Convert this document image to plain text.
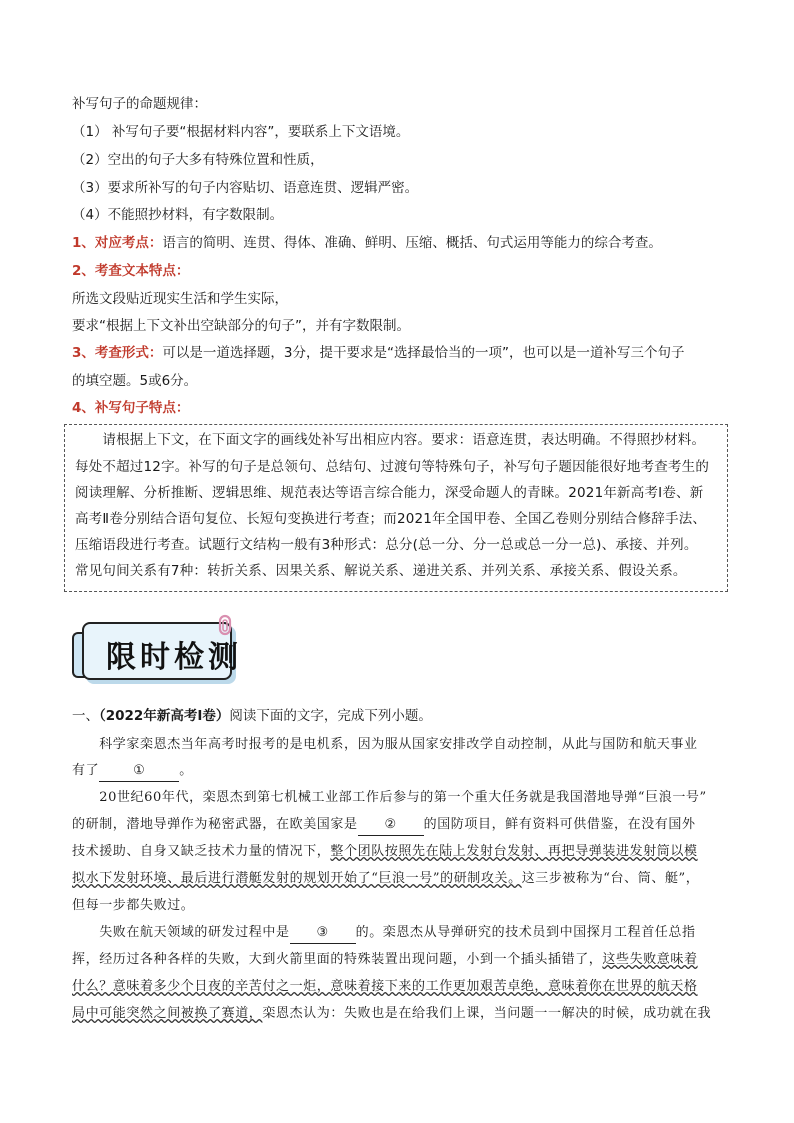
补写句子的命题规律：
（1） 补写句子要“根据材料内容”，要联系上下文语境。
（2）空出的句子大多有特殊位置和性质，
（3）要求所补写的句子内容贴切、语意连贯、逻辑严密。
（4）不能照抄材料，有字数限制。
1、对应考点：语言的简明、连贯、得体、准确、鲜明、压缩、概括、句式运用等能力的综合考查。
2、考查文本特点：
所选文段贴近现实生活和学生实际，
要求“根据上下文补出空缺部分的句子”，并有字数限制。
3、考查形式：可以是一道选择题，3分，提干要求是“选择最恰当的一项”，也可以是一道补写三个句子
的填空题。5或6分。
4、补写句子特点：
　　请根据上下文，在下面文字的画线处补写出相应内容。要求：语意连贯，表达明确。不得照抄材料。
每处不超过12字。补写的句子是总领句、总结句、过渡句等特殊句子，补写句子题因能很好地考查考生的
阅读理解、分析推断、逻辑思维、规范表达等语言综合能力，深受命题人的青睐。2021年新高考Ⅰ卷、新
高考Ⅱ卷分别结合语句复位、长短句变换进行考查；而2021年全国甲卷、全国乙卷则分别结合修辞手法、
压缩语段进行考查。试题行文结构一般有3种形式：总分(总一分、分一总或总一分一总)、承接、并列。
常见句间关系有7种：转折关系、因果关系、解说关系、递进关系、并列关系、承接关系、假设关系。
限时检测
一、（2022年新高考Ⅰ卷）阅读下面的文字，完成下列小题。
　　科学家栾恩杰当年高考时报考的是电机系，因为服从国家安排改学自动控制，从此与国防和航天事业
有了	①	。
　　20世纪60年代，栾恩杰到第七机械工业部工作后参与的第一个重大任务就是我国潜地导弹“巨浪一号”
的研制，潜地导弹作为秘密武器，在欧美国家是 ② 的国防项目，鲜有资料可供借鉴，在没有国外
技术援助、自身又缺乏技术力量的情况下，整个团队按照先在陆上发射台发射、再把导弹装进发射筒以模
拟水下发射环境、最后进行潜艇发射的规划开始了“巨浪一号”的研制攻关。这三步被称为“台、筒、艇”，
但每一步都失败过。
　　失败在航天领域的研发过程中是 ③ 的。栾恩杰从导弹研究的技术员到中国探月工程首任总指
挥，经历过各种各样的失败，大到火箭里面的特殊装置出现问题，小到一个插头插错了，这些失败意味着
什么？意味着多少个日夜的辛苦付之一炬，意味着接下来的工作更加艰苦卓绝，意味着你在世界的航天格
局中可能突然之间被换了赛道，栾恩杰认为：失败也是在给我们上课，当问题一一解决的时候，成功就在我
